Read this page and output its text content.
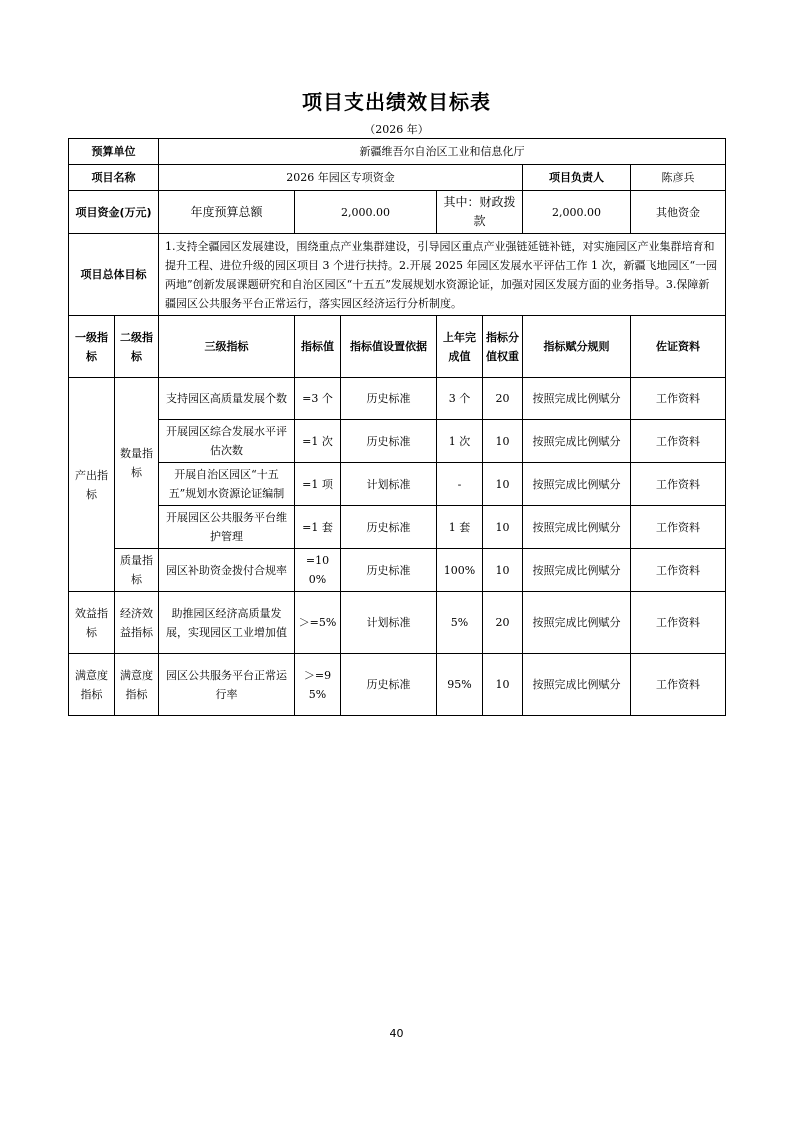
项目支出绩效目标表
（2026 年）
预算单位		新疆维吾尔自治区工业和信息化厅						
项目名称		2026 年园区专项资金					项目负责人	陈彦兵
项目资金(万元)		年度预算总额	2,000.00		其中：财政拨款		2,000.00	其他资金
项目总体目标		1.支持全疆园区发展建设，围绕重点产业集群建设，引导园区重点产业强链延链补链，对实施园区产业集群培育和提升工程、进位升级的园区项目 3 个进行扶持。2.开展 2025 年园区发展水平评估工作 1 次，新疆飞地园区“一园两地”创新发展课题研究和自治区园区“十五五”发展规划水资源论证，加强对园区发展方面的业务指导。3.保障新疆园区公共服务平台正常运行，落实园区经济运行分析制度。						
一级指标	二级指标	三级指标	指标值	指标值设置依据	上年完成值	指标分值权重	指标赋分规则	佐证资料
产出指标	数量指标	支持园区高质量发展个数	=3 个	历史标准	3 个	20	按照完成比例赋分	工作资料
		开展园区综合发展水平评估次数	=1 次	历史标准	1 次	10	按照完成比例赋分	工作资料
		开展自治区园区“十五五”规划水资源论证编制	=1 项	计划标准	-	10	按照完成比例赋分	工作资料
		开展园区公共服务平台维护管理	=1 套	历史标准	1 套	10	按照完成比例赋分	工作资料
	质量指标	园区补助资金拨付合规率	=100%	历史标准	100%	10	按照完成比例赋分	工作资料
效益指标	经济效益指标	助推园区经济高质量发展，实现园区工业增加值	＞=5%	计划标准	5%	20	按照完成比例赋分	工作资料
满意度指标	满意度指标	园区公共服务平台正常运行率	＞=95%	历史标准	95%	10	按照完成比例赋分	工作资料
40
